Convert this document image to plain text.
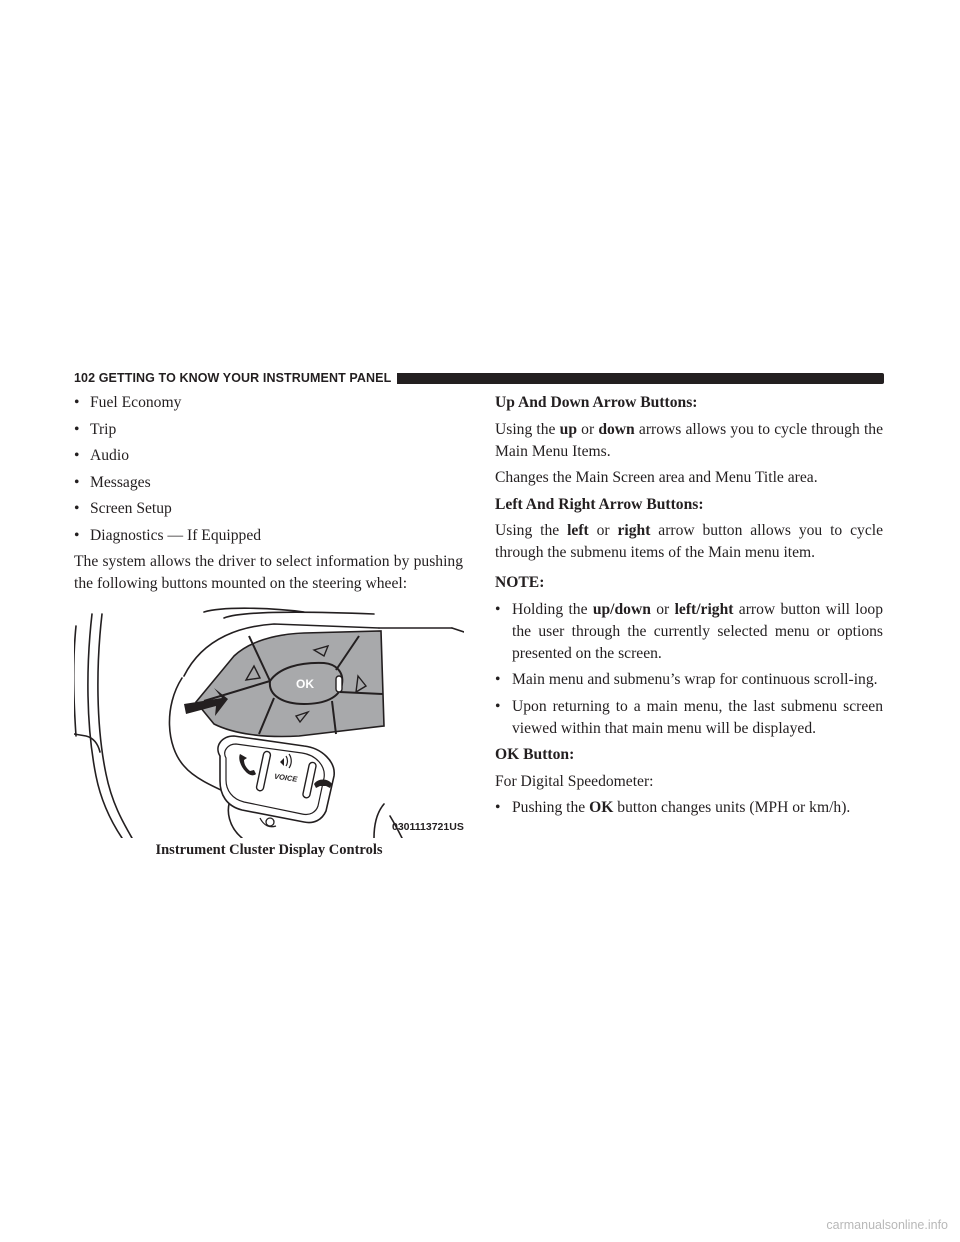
102 GETTING TO KNOW YOUR INSTRUMENT PANEL
• Fuel Economy
• Trip
• Audio
• Messages
• Screen Setup
• Diagnostics — If Equipped

The system allows the driver to select information by pushing the following buttons mounted on the steering wheel:

OK
VOICE
0301113721US
Instrument Cluster Display Controls
Up And Down Arrow Buttons:

Using the up or down arrows allows you to cycle through the Main Menu Items.

Changes the Main Screen area and Menu Title area.

Left And Right Arrow Buttons:

Using the left or right arrow button allows you to cycle through the submenu items of the Main menu item.

NOTE:
• Holding the up/down or left/right arrow button will loop the user through the currently selected menu or options presented on the screen.
• Main menu and submenu’s wrap for continuous scroll-ing.
• Upon returning to a main menu, the last submenu screen viewed within that main menu will be displayed.
OK Button:

For Digital Speedometer:

• Pushing the OK button changes units (MPH or km/h).
carmanualsonline.info
